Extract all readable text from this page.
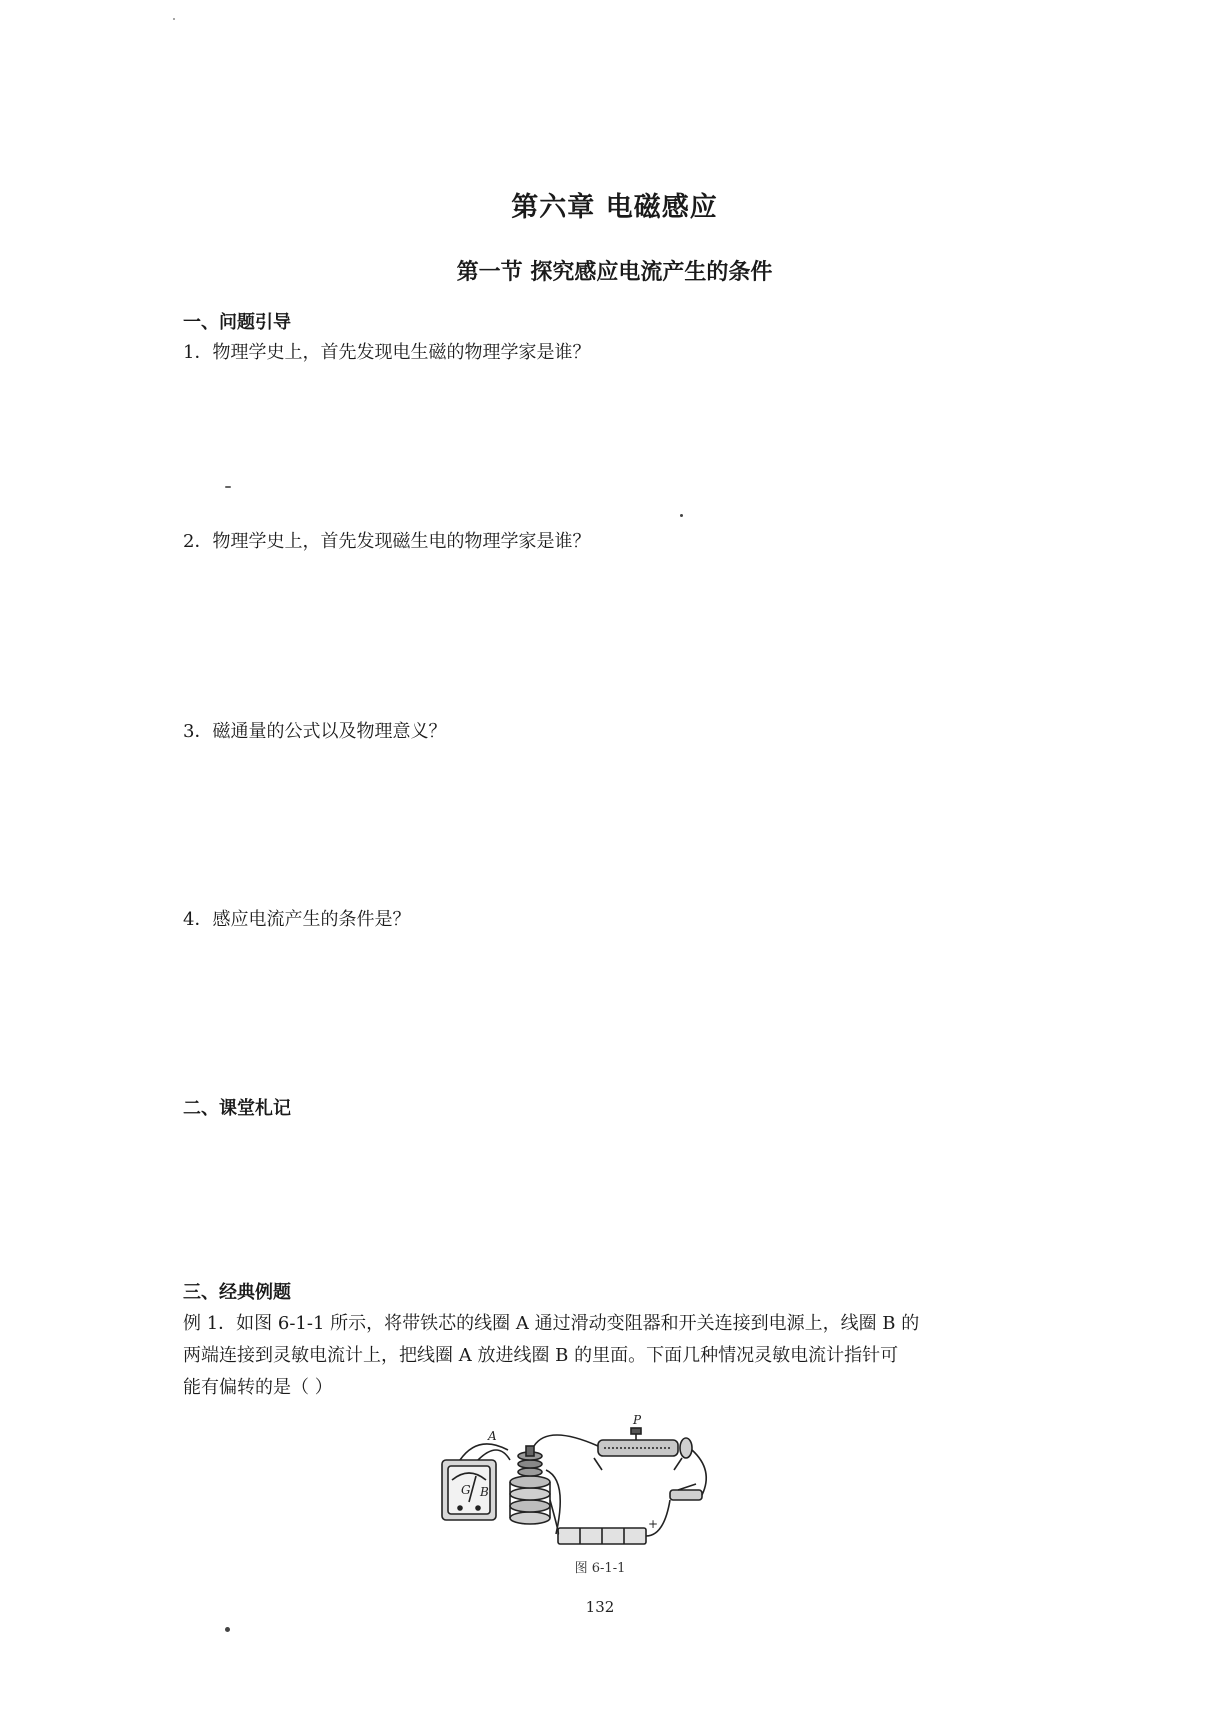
第六章 电磁感应
第一节 探究感应电流产生的条件
一、问题引导
1．物理学史上，首先发现电生磁的物理学家是谁？
2．物理学史上，首先发现磁生电的物理学家是谁？
3．磁通量的公式以及物理意义？
4．感应电流产生的条件是？
二、课堂札记
三、经典例题
例 1．如图 6-1-1 所示，将带铁芯的线圈 A 通过滑动变阻器和开关连接到电源上，线圈 B 的
两端连接到灵敏电流计上，把线圈 A 放进线圈 B 的里面。下面几种情况灵敏电流计指针可
能有偏转的是（ ）
G
A
B
P
+
图 6-1-1
132
